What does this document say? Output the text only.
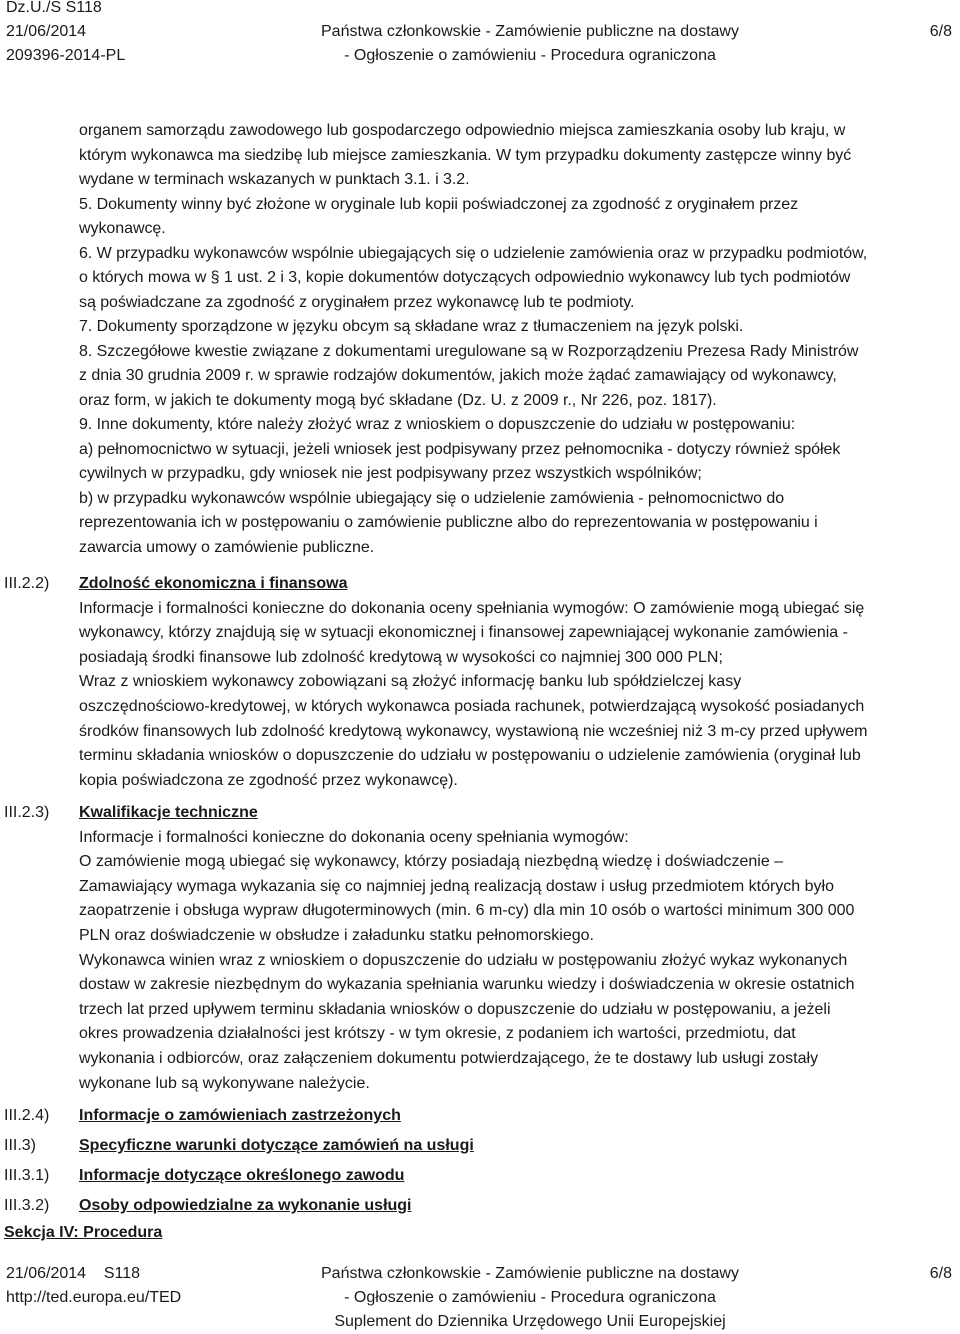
Dz.U./S S118
21/06/2014
209396-2014-PL
Państwa członkowskie - Zamówienie publiczne na dostawy
- Ogłoszenie o zamówieniu - Procedura ograniczona
6/8

organem samorządu zawodowego lub gospodarczego odpowiednio miejsca zamieszkania osoby lub kraju, w

którym wykonawca ma siedzibę lub miejsce zamieszkania. W tym przypadku dokumenty zastępcze winny być

wydane w terminach wskazanych w punktach 3.1. i 3.2.

5. Dokumenty winny być złożone w oryginale lub kopii poświadczonej za zgodność z oryginałem przez

wykonawcę.

6. W przypadku wykonawców wspólnie ubiegających się o udzielenie zamówienia oraz w przypadku podmiotów,

o których mowa w § 1 ust. 2 i 3, kopie dokumentów dotyczących odpowiednio wykonawcy lub tych podmiotów

są poświadczane za zgodność z oryginałem przez wykonawcę lub te podmioty.

7. Dokumenty sporządzone w języku obcym są składane wraz z tłumaczeniem na język polski.

8. Szczegółowe kwestie związane z dokumentami uregulowane są w Rozporządzeniu Prezesa Rady Ministrów

z dnia 30 grudnia 2009 r. w sprawie rodzajów dokumentów, jakich może żądać zamawiający od wykonawcy,

oraz form, w jakich te dokumenty mogą być składane (Dz. U. z 2009 r., Nr 226, poz. 1817).

9. Inne dokumenty, które należy złożyć wraz z wnioskiem o dopuszczenie do udziału w postępowaniu:

a) pełnomocnictwo w sytuacji, jeżeli wniosek jest podpisywany przez pełnomocnika - dotyczy również spółek

cywilnych w przypadku, gdy wniosek nie jest podpisywany przez wszystkich wspólników;

b) w przypadku wykonawców wspólnie ubiegający się o udzielenie zamówienia - pełnomocnictwo do

reprezentowania ich w postępowaniu o zamówienie publiczne albo do reprezentowania w postępowaniu i

zawarcia umowy o zamówienie publiczne.

III.2.2) Zdolność ekonomiczna i finansowa

Informacje i formalności konieczne do dokonania oceny spełniania wymogów: O zamówienie mogą ubiegać się

wykonawcy, którzy znajdują się w sytuacji ekonomicznej i finansowej zapewniającej wykonanie zamówienia -

posiadają środki finansowe lub zdolność kredytową w wysokości co najmniej 300 000 PLN;

Wraz z wnioskiem wykonawcy zobowiązani są złożyć informację banku lub spółdzielczej kasy

oszczędnościowo-kredytowej, w których wykonawca posiada rachunek, potwierdzającą wysokość posiadanych

środków finansowych lub zdolność kredytową wykonawcy, wystawioną nie wcześniej niż 3 m-cy przed upływem

terminu składania wniosków o dopuszczenie do udziału w postępowaniu o udzielenie zamówienia (oryginał lub

kopia poświadczona ze zgodność przez wykonawcę).

III.2.3) Kwalifikacje techniczne

Informacje i formalności konieczne do dokonania oceny spełniania wymogów:

O zamówienie mogą ubiegać się wykonawcy, którzy posiadają niezbędną wiedzę i doświadczenie –

Zamawiający wymaga wykazania się co najmniej jedną realizacją dostaw i usług przedmiotem których było

zaopatrzenie i obsługa wypraw długoterminowych (min. 6 m-cy) dla min 10 osób o wartości minimum 300 000

PLN oraz doświadczenie w obsłudze i załadunku statku pełnomorskiego.

Wykonawca winien wraz z wnioskiem o dopuszczenie do udziału w postępowaniu złożyć wykaz wykonanych

dostaw w zakresie niezbędnym do wykazania spełniania warunku wiedzy i doświadczenia w okresie ostatnich

trzech lat przed upływem terminu składania wniosków o dopuszczenie do udziału w postępowaniu, a jeżeli

okres prowadzenia działalności jest krótszy - w tym okresie, z podaniem ich wartości, przedmiotu, dat

wykonania i odbiorców, oraz załączeniem dokumentu potwierdzającego, że te dostawy lub usługi zostały

wykonane lub są wykonywane należycie.

III.2.4) Informacje o zamówieniach zastrzeżonych

III.3)	Specyficzne warunki dotyczące zamówień na usługi

III.3.1) Informacje dotyczące określonego zawodu

III.3.2) Osoby odpowiedzialne za wykonanie usługi

Sekcja IV: Procedura
21/06/2014    S118
http://ted.europa.eu/TED
Państwa członkowskie - Zamówienie publiczne na dostawy
- Ogłoszenie o zamówieniu - Procedura ograniczona
Suplement do Dziennika Urzędowego Unii Europejskiej
6/8
